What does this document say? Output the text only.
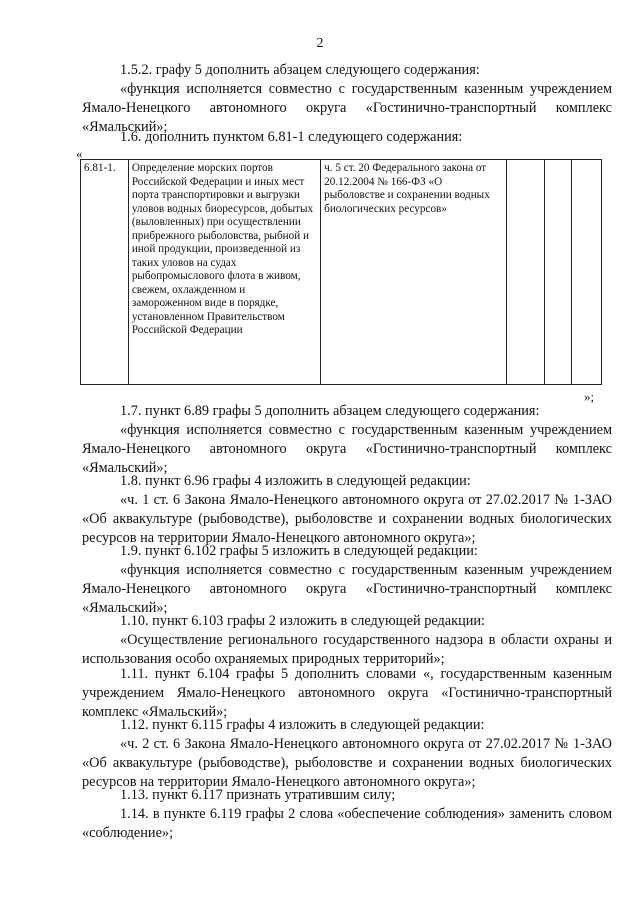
2

1.5.2. графу 5 дополнить абзацем следующего содержания:

«функция исполняется совместно с государственным казенным учреждением Ямало-Ненецкого автономного округа «Гостинично-транспортный комплекс «Ямальский»;

1.6. дополнить пунктом 6.81-1 следующего содержания:

«
6.81-1.	Определение морских портов Российской Федерации и иных мест порта транспортировки и выгрузки уловов водных биоресурсов, добытых (выловленных) при осуществлении прибрежного рыболовства, рыбной и иной продукции, произведенной из таких уловов на судах рыбопромыслового флота в живом, свежем, охлажденном и замороженном виде в порядке, установленном Правительством Российской Федерации	ч. 5 ст. 20 Федерального закона от 20.12.2004 № 166-ФЗ «О рыболовстве и сохранении водных биологических ресурсов»			
»;

1.7. пункт 6.89 графы 5 дополнить абзацем следующего содержания:

«функция исполняется совместно с государственным казенным учреждением Ямало-Ненецкого автономного округа «Гостинично-транспортный комплекс «Ямальский»;

1.8. пункт 6.96 графы 4 изложить в следующей редакции:

«ч. 1 ст. 6 Закона Ямало-Ненецкого автономного округа от 27.02.2017 № 1-ЗАО «Об аквакультуре (рыбоводстве), рыболовстве и сохранении водных биологических ресурсов на территории Ямало-Ненецкого автономного округа»;

1.9. пункт 6.102 графы 5 изложить в следующей редакции:

«функция исполняется совместно с государственным казенным учреждением Ямало-Ненецкого автономного округа «Гостинично-транспортный комплекс «Ямальский»;

1.10. пункт 6.103 графы 2 изложить в следующей редакции:

«Осуществление регионального государственного надзора в области охраны и использования особо охраняемых природных территорий»;

1.11. пункт 6.104 графы 5 дополнить словами «, государственным казенным учреждением Ямало-Ненецкого автономного округа «Гостинично-транспортный комплекс «Ямальский»;

1.12. пункт 6.115 графы 4 изложить в следующей редакции:

«ч. 2 ст. 6 Закона Ямало-Ненецкого автономного округа от 27.02.2017 № 1-ЗАО «Об аквакультуре (рыбоводстве), рыболовстве и сохранении водных биологических ресурсов на территории Ямало-Ненецкого автономного округа»;

1.13. пункт 6.117 признать утратившим силу;

1.14. в пункте 6.119 графы 2 слова «обеспечение соблюдения» заменить словом «соблюдение»;
